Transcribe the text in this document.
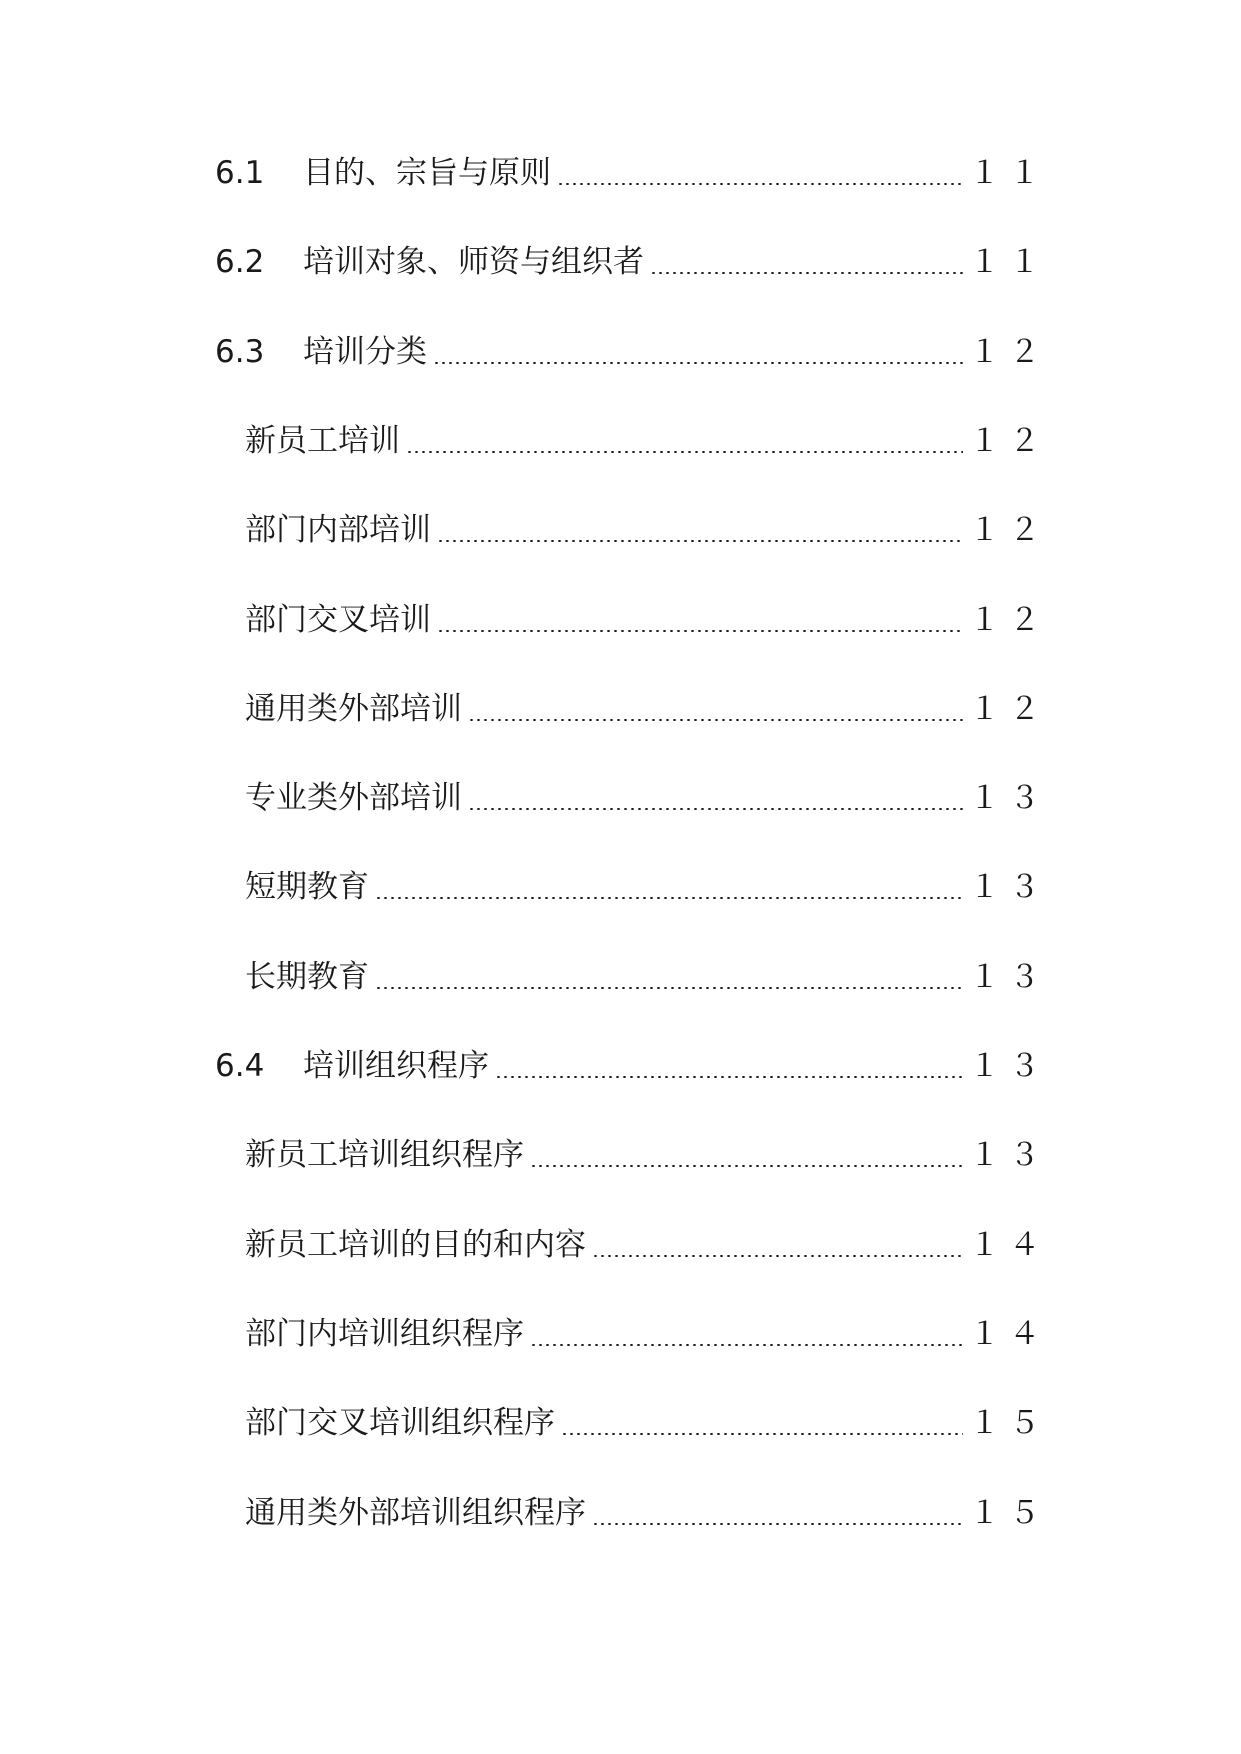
6.1	目的、宗旨与原则	１１
6.2	培训对象、师资与组织者	１１
6.3	培训分类	１２
新员工培训	１２
部门内部培训	１２
部门交叉培训	１２
通用类外部培训	１２
专业类外部培训	１３
短期教育	１３
长期教育	１３
6.4	培训组织程序	１３
新员工培训组织程序	１３
新员工培训的目的和内容	１４
部门内培训组织程序	１４
部门交叉培训组织程序	１５
通用类外部培训组织程序	１５
